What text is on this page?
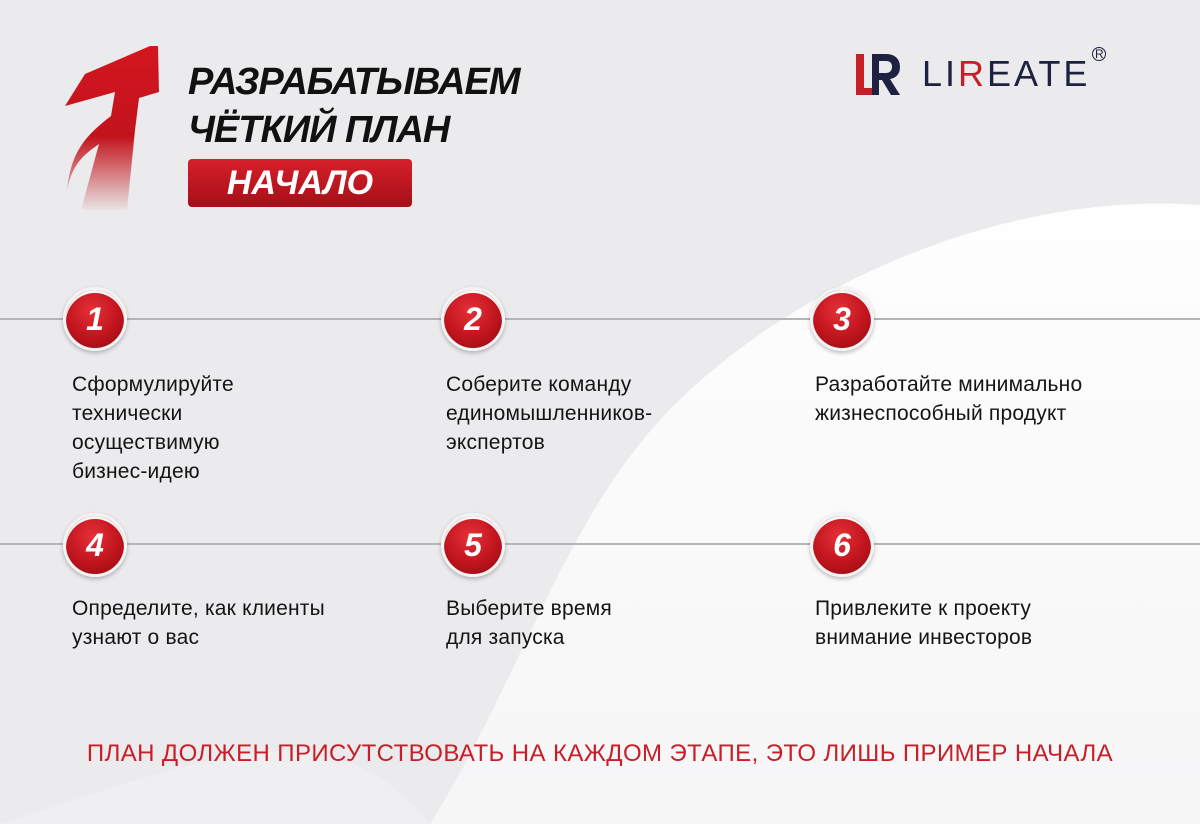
РАЗРАБАТЫВАЕМ
ЧЁТКИЙ ПЛАН
НАЧАЛО
LIREATE R
1
Сформулируйте
технически
осуществимую
бизнес-идею
2
Соберите команду
единомышленников-
экспертов
3
Разработайте минимально
жизнеспособный продукт
4
Определите, как клиенты
узнают о вас
5
Выберите время
для запуска
6
Привлеките к проекту
внимание инвесторов
ПЛАН ДОЛЖЕН ПРИСУТСТВОВАТЬ НА КАЖДОМ ЭТАПЕ, ЭТО ЛИШЬ ПРИМЕР НАЧАЛА
